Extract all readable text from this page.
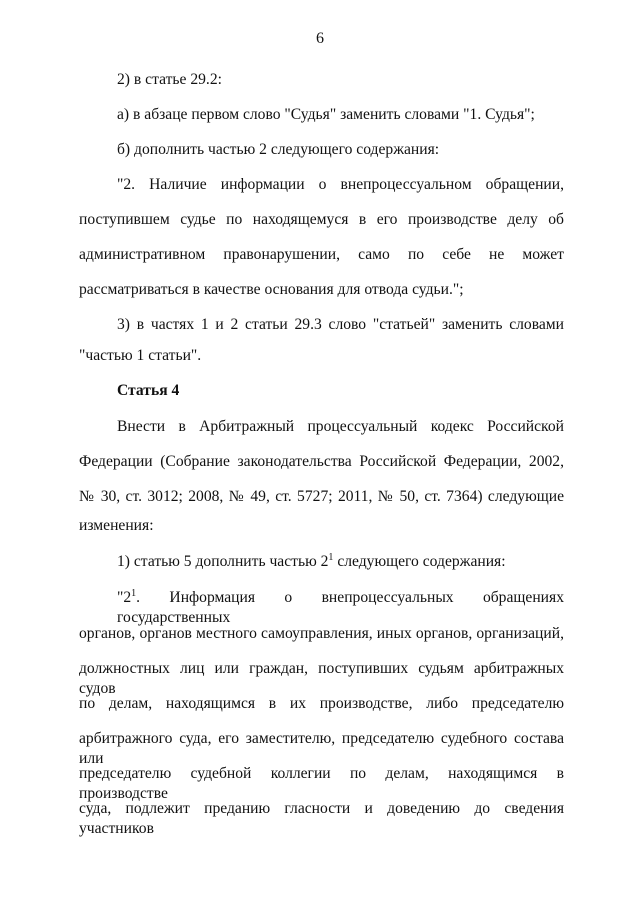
6
2) в статье 29.2:
а) в абзаце первом слово "Судья" заменить словами "1. Судья";
б) дополнить частью 2 следующего содержания:
"2. Наличие информации о внепроцессуальном обращении,
поступившем судье по находящемуся в его производстве делу об
административном правонарушении, само по себе не может
рассматриваться в качестве основания для отвода судьи.";
3) в частях 1 и 2 статьи 29.3 слово "статьей" заменить словами
"частью 1 статьи".
Статья 4
Внести в Арбитражный процессуальный кодекс Российской
Федерации (Собрание законодательства Российской Федерации, 2002,
№ 30, ст. 3012; 2008, № 49, ст. 5727; 2011, № 50, ст. 7364) следующие
изменения:
1) статью 5 дополнить частью $2^1$ следующего содержания:
"$2^1$. Информация о внепроцессуальных обращениях государственных
органов, органов местного самоуправления, иных органов, организаций,
должностных лиц или граждан, поступивших судьям арбитражных судов
по делам, находящимся в их производстве, либо председателю
арбитражного суда, его заместителю, председателю судебного состава или
председателю судебной коллегии по делам, находящимся в производстве
суда, подлежит преданию гласности и доведению до сведения участников
